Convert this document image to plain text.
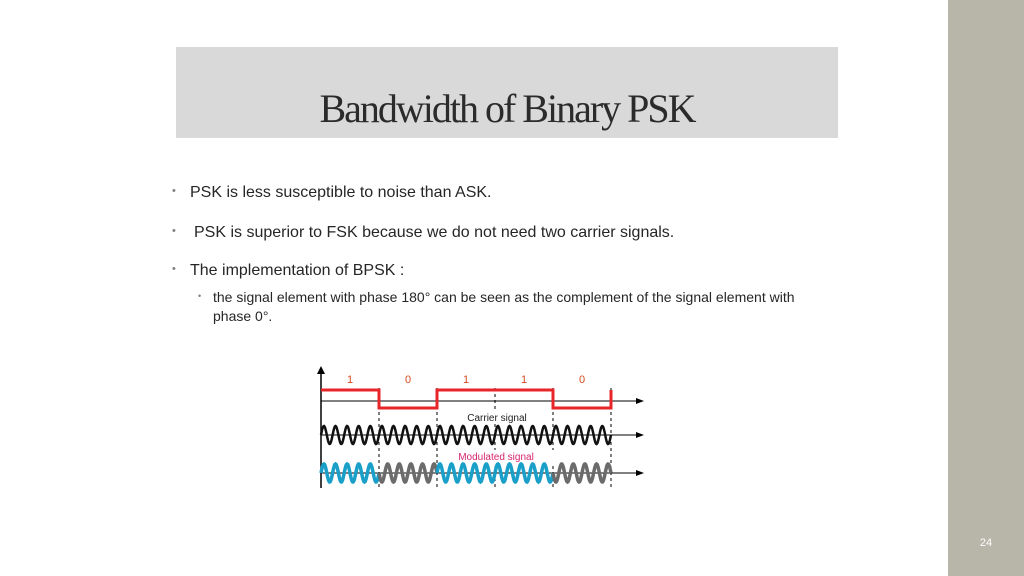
24
Bandwidth of Binary PSK
• PSK is less susceptible to noise than ASK.
• PSK is superior to FSK because we do not need two carrier signals.
• The implementation of BPSK :
• the signal element with phase 180° can be seen as the complement of the signal element with phase 0°.
1	0	1	1	0
Carrier signal
Modulated signal
